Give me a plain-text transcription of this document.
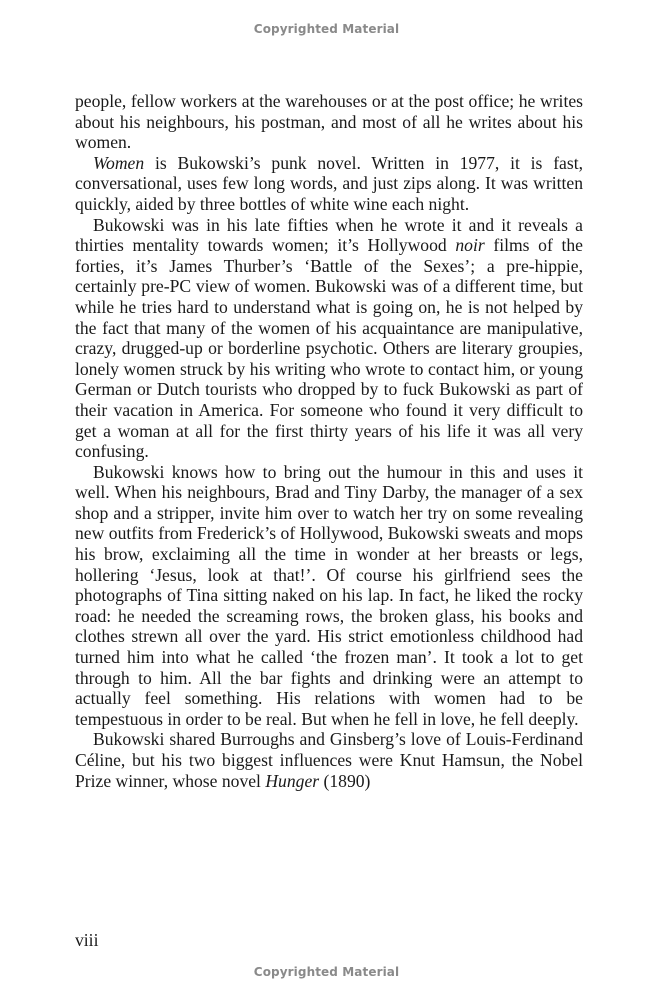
Copyrighted Material

people, fellow workers at the warehouses or at the post office; he writes about his neighbours, his postman, and most of all he writes about his women.

Women is Bukowski’s punk novel. Written in 1977, it is fast, conversational, uses few long words, and just zips along. It was written quickly, aided by three bottles of white wine each night.

Bukowski was in his late fifties when he wrote it and it reveals a thirties mentality towards women; it’s Hollywood noir films of the forties, it’s James Thurber’s ‘Battle of the Sexes’; a pre-hippie, certainly pre-PC view of women. Bukowski was of a different time, but while he tries hard to understand what is going on, he is not helped by the fact that many of the women of his acquaintance are manipulative, crazy, drugged-up or borderline psychotic. Others are literary groupies, lonely women struck by his writing who wrote to contact him, or young German or Dutch tourists who dropped by to fuck Bukowski as part of their vacation in America. For someone who found it very difficult to get a woman at all for the first thirty years of his life it was all very confusing.

Bukowski knows how to bring out the humour in this and uses it well. When his neighbours, Brad and Tiny Darby, the manager of a sex shop and a stripper, invite him over to watch her try on some revealing new outfits from Frederick’s of Hollywood, Bukowski sweats and mops his brow, exclaiming all the time in wonder at her breasts or legs, hollering ‘Jesus, look at that!’. Of course his girlfriend sees the photographs of Tina sitting naked on his lap. In fact, he liked the rocky road: he needed the screaming rows, the broken glass, his books and clothes strewn all over the yard. His strict emotionless childhood had turned him into what he called ‘the frozen man’. It took a lot to get through to him. All the bar fights and drinking were an attempt to actually feel something. His relations with women had to be tempestuous in order to be real. But when he fell in love, he fell deeply.

Bukowski shared Burroughs and Ginsberg’s love of Louis-Ferdinand Céline, but his two biggest influences were Knut Hamsun, the Nobel Prize winner, whose novel Hunger (1890)

viii
Copyrighted Material
